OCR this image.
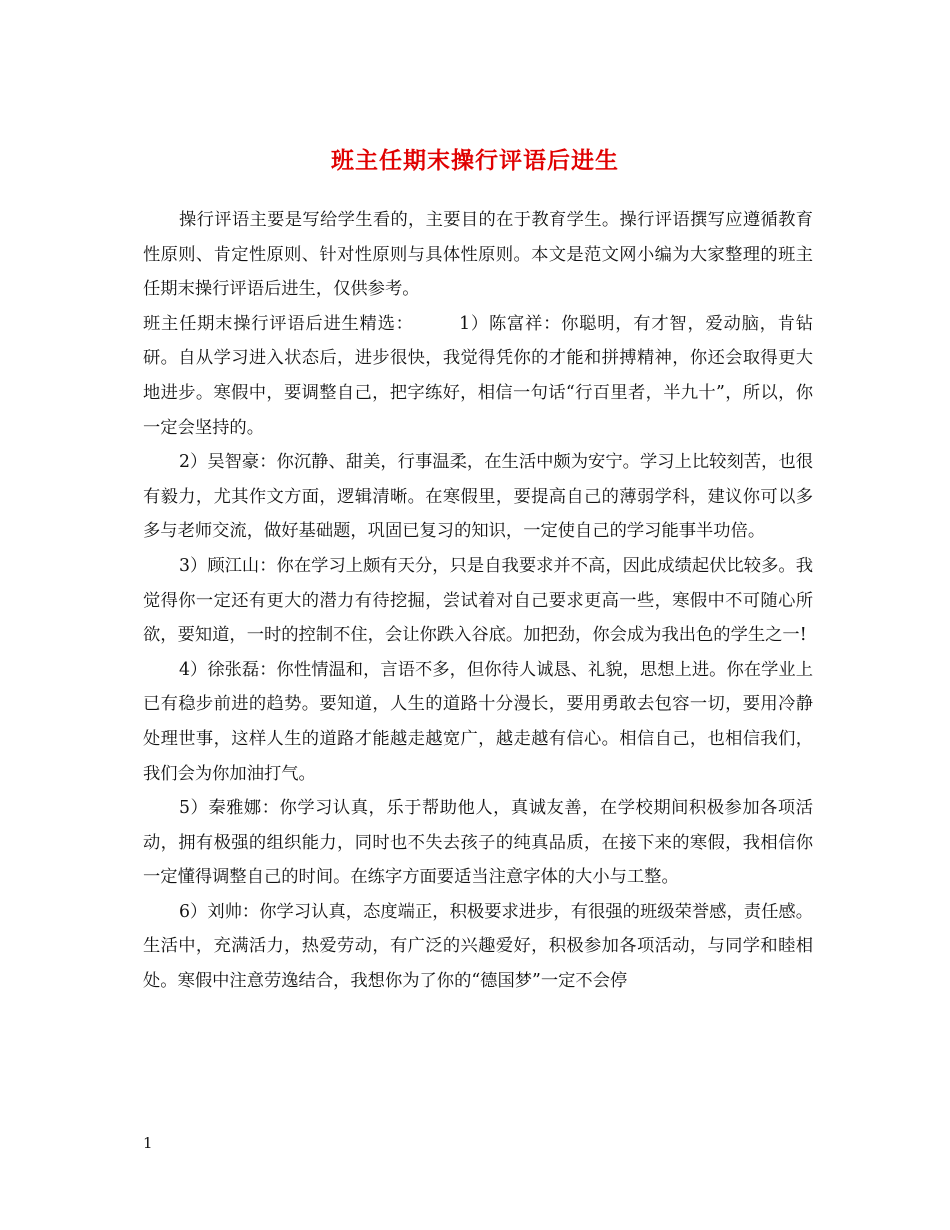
班主任期末操行评语后进生

操行评语主要是写给学生看的，主要目的在于教育学生。操行评语撰写应遵循教育性原则、肯定性原则、针对性原则与具体性原则。本文是范文网小编为大家整理的班主任期末操行评语后进生，仅供参考。

班主任期末操行评语后进生精选：　　　1）陈富祥：你聪明，有才智，爱动脑，肯钻研。自从学习进入状态后，进步很快，我觉得凭你的才能和拼搏精神，你还会取得更大地进步。寒假中，要调整自己，把字练好，相信一句话“行百里者，半九十”，所以，你一定会坚持的。

2）吴智豪：你沉静、甜美，行事温柔，在生活中颇为安宁。学习上比较刻苦，也很有毅力，尤其作文方面，逻辑清晰。在寒假里，要提高自己的薄弱学科，建议你可以多多与老师交流，做好基础题，巩固已复习的知识，一定使自己的学习能事半功倍。

3）顾江山：你在学习上颇有天分，只是自我要求并不高，因此成绩起伏比较多。我觉得你一定还有更大的潜力有待挖掘，尝试着对自己要求更高一些，寒假中不可随心所欲，要知道，一时的控制不住，会让你跌入谷底。加把劲，你会成为我出色的学生之一!

4）徐张磊：你性情温和，言语不多，但你待人诚恳、礼貌，思想上进。你在学业上已有稳步前进的趋势。要知道，人生的道路十分漫长，要用勇敢去包容一切，要用冷静处理世事，这样人生的道路才能越走越宽广，越走越有信心。相信自己，也相信我们，我们会为你加油打气。

5）秦雅娜：你学习认真，乐于帮助他人，真诚友善，在学校期间积极参加各项活动，拥有极强的组织能力，同时也不失去孩子的纯真品质，在接下来的寒假，我相信你一定懂得调整自己的时间。在练字方面要适当注意字体的大小与工整。

6）刘帅：你学习认真，态度端正，积极要求进步，有很强的班级荣誉感，责任感。生活中，充满活力，热爱劳动，有广泛的兴趣爱好，积极参加各项活动，与同学和睦相处。寒假中注意劳逸结合，我想你为了你的“德国梦”一定不会停

1
